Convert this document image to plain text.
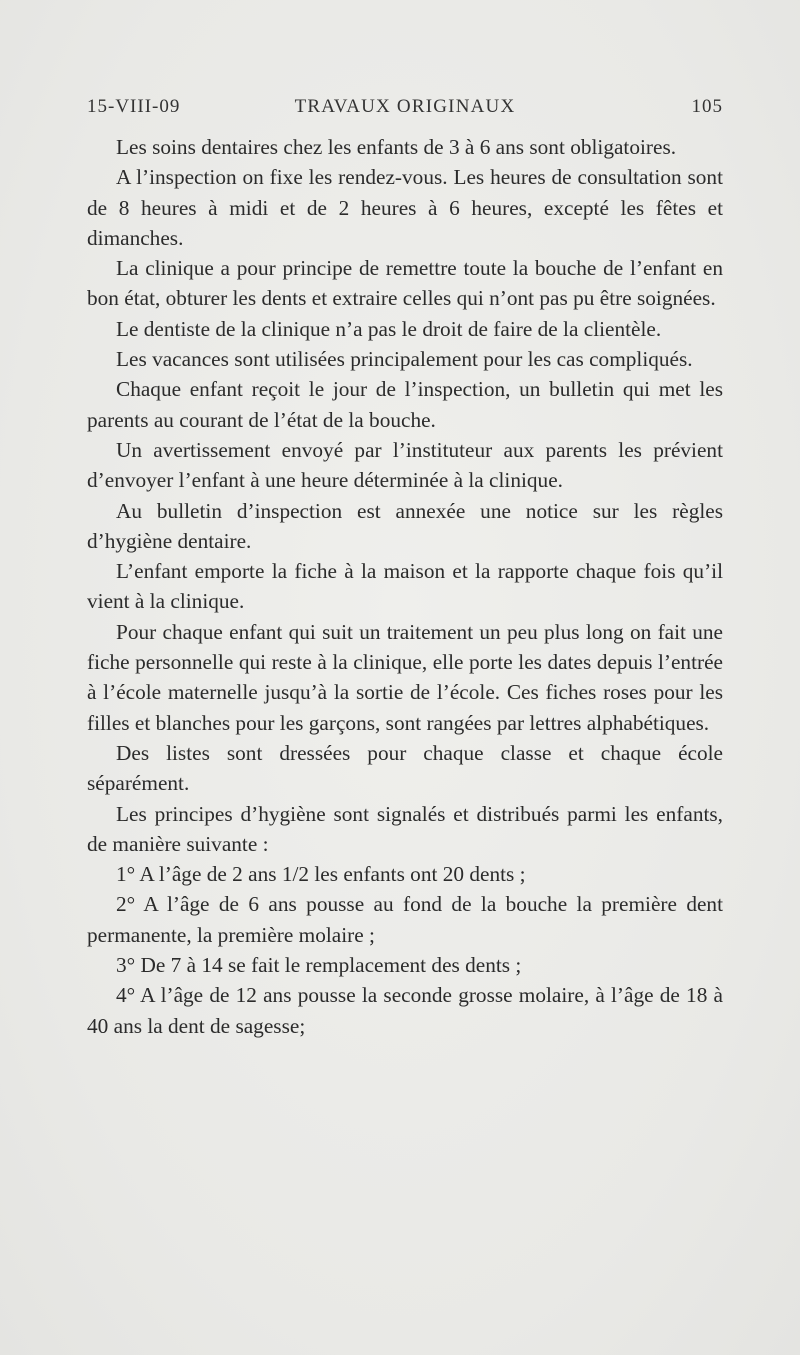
15-VIII-09	TRAVAUX ORIGINAUX	105

Les soins dentaires chez les enfants de 3 à 6 ans sont obligatoires.

A l’inspection on fixe les rendez-vous. Les heures de consultation sont de 8 heures à midi et de 2 heures à 6 heures, excepté les fêtes et dimanches.

La clinique a pour principe de remettre toute la bouche de l’enfant en bon état, obturer les dents et extraire celles qui n’ont pas pu être soignées.

Le dentiste de la clinique n’a pas le droit de faire de la clientèle.

Les vacances sont utilisées principalement pour les cas compliqués.

Chaque enfant reçoit le jour de l’inspection, un bulletin qui met les parents au courant de l’état de la bouche.

Un avertissement envoyé par l’instituteur aux parents les prévient d’envoyer l’enfant à une heure déterminée à la clinique.

Au bulletin d’inspection est annexée une notice sur les règles d’hygiène dentaire.

L’enfant emporte la fiche à la maison et la rapporte chaque fois qu’il vient à la clinique.

Pour chaque enfant qui suit un traitement un peu plus long on fait une fiche personnelle qui reste à la clinique, elle porte les dates depuis l’entrée à l’école maternelle jusqu’à la sortie de l’école. Ces fiches roses pour les filles et blanches pour les garçons, sont rangées par lettres alphabétiques.

Des listes sont dressées pour chaque classe et chaque école séparément.

Les principes d’hygiène sont signalés et distribués parmi les enfants, de manière suivante :

1° A l’âge de 2 ans 1/2 les enfants ont 20 dents ;

2° A l’âge de 6 ans pousse au fond de la bouche la première dent permanente, la première molaire ;

3° De 7 à 14 se fait le remplacement des dents ;

4° A l’âge de 12 ans pousse la seconde grosse molaire, à l’âge de 18 à 40 ans la dent de sagesse;
